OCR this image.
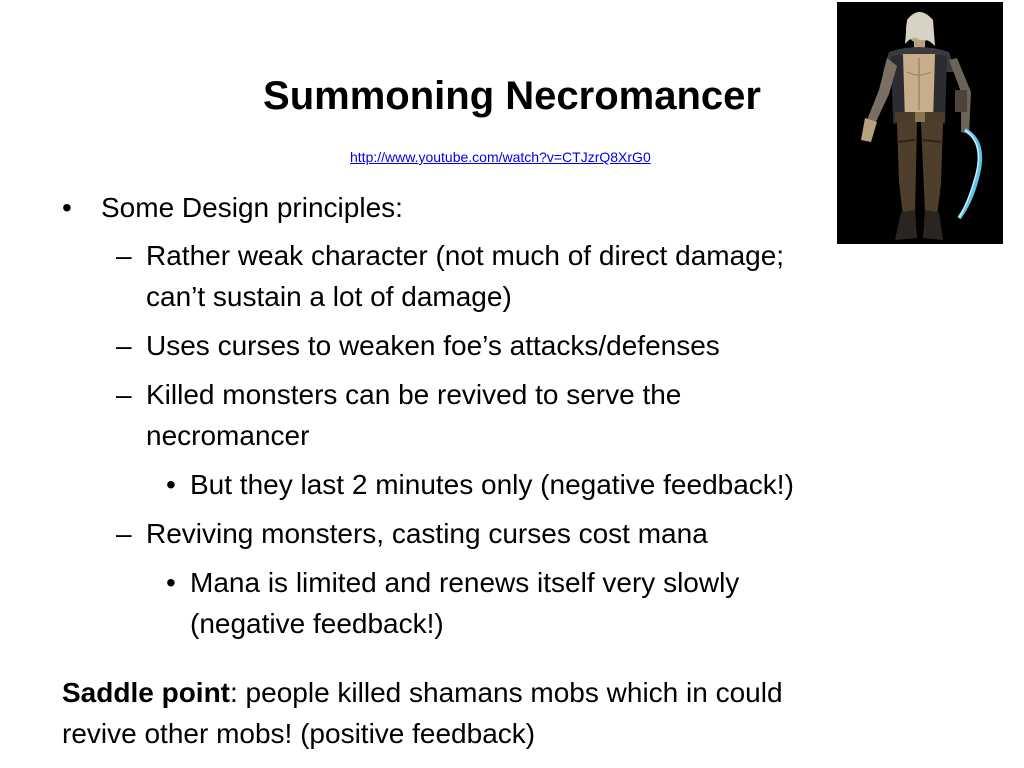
Summoning Necromancer
http://www.youtube.com/watch?v=CTJzrQ8XrG0
• Some Design principles:
– Rather weak character (not much of direct damage;
can’t sustain a lot of damage)
– Uses curses to weaken foe’s attacks/defenses
– Killed monsters can be revived to serve the
necromancer
• But they last 2 minutes only (negative feedback!)
– Reviving monsters, casting curses cost mana
• Mana is limited and renews itself very slowly
(negative feedback!)
Saddle point: people killed shamans mobs which in could
revive other mobs! (positive feedback)
